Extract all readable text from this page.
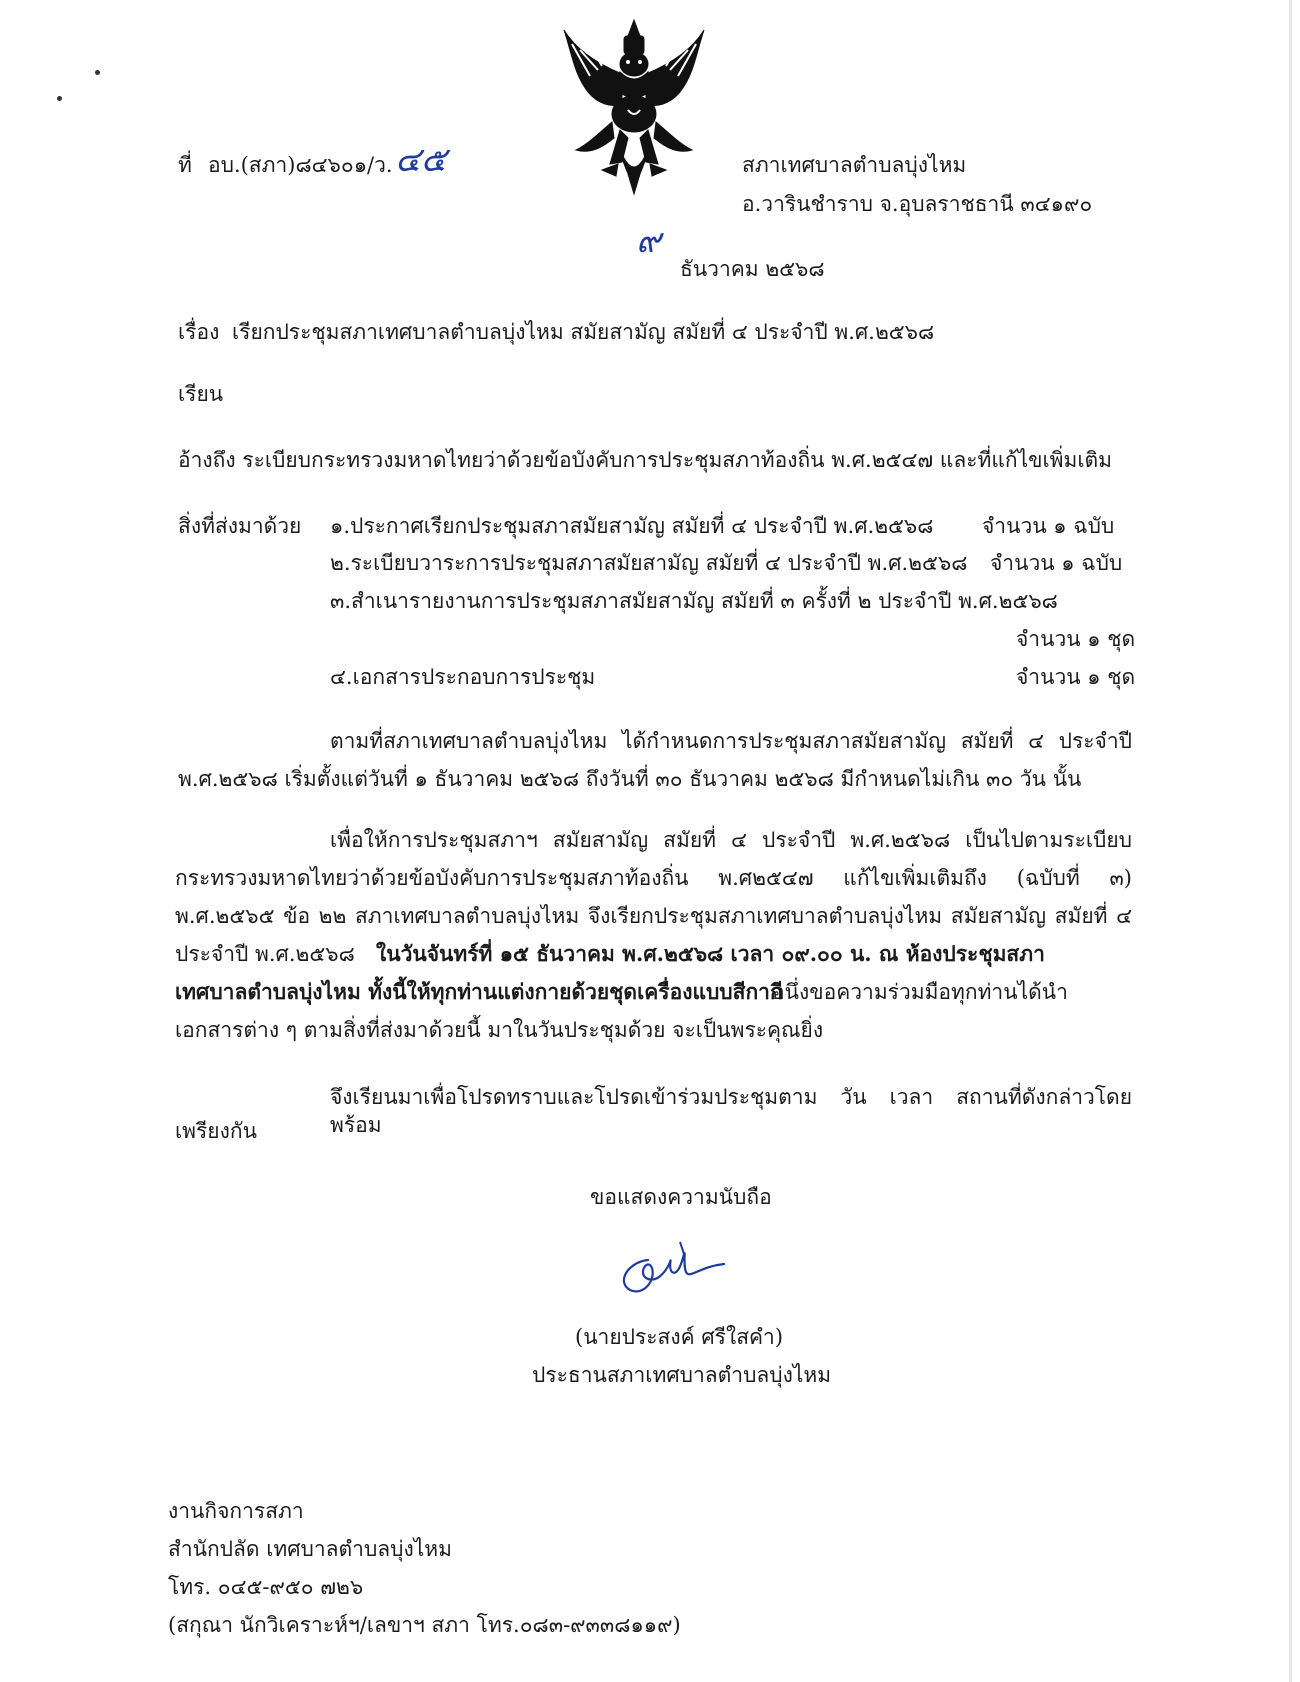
ที่ อบ.(สภา)๘๔๖๐๑/ว. ๔๕	สภาเทศบาลตำบลบุ่งไหม
อ.วารินชำราบ จ.อุบลราชธานี ๓๔๑๙๐
๙
ธันวาคม ๒๕๖๘
เรื่อง เรียกประชุมสภาเทศบาลตำบลบุ่งไหม สมัยสามัญ สมัยที่ ๔ ประจำปี พ.ศ.๒๕๖๘
เรียน
อ้างถึง ระเบียบกระทรวงมหาดไทยว่าด้วยข้อบังคับการประชุมสภาท้องถิ่น พ.ศ.๒๕๔๗ และที่แก้ไขเพิ่มเติม
สิ่งที่ส่งมาด้วย ๑.ประกาศเรียกประชุมสภาสมัยสามัญ สมัยที่ ๔ ประจำปี พ.ศ.๒๕๖๘ จำนวน ๑ ฉบับ
๒.ระเบียบวาระการประชุมสภาสมัยสามัญ สมัยที่ ๔ ประจำปี พ.ศ.๒๕๖๘ จำนวน ๑ ฉบับ
๓.สำเนารายงานการประชุมสภาสมัยสามัญ สมัยที่ ๓ ครั้งที่ ๒ ประจำปี พ.ศ.๒๕๖๘
จำนวน ๑ ชุด
๔.เอกสารประกอบการประชุม	จำนวน ๑ ชุด
ตามที่สภาเทศบาลตำบลบุ่งไหม ได้กำหนดการประชุมสภาสมัยสามัญ สมัยที่ ๔ ประจำปี
พ.ศ.๒๕๖๘ เริ่มตั้งแต่วันที่ ๑ ธันวาคม ๒๕๖๘ ถึงวันที่ ๓๐ ธันวาคม ๒๕๖๘ มีกำหนดไม่เกิน ๓๐ วัน นั้น
เพื่อให้การประชุมสภาฯ สมัยสามัญ สมัยที่ ๔ ประจำปี พ.ศ.๒๕๖๘ เป็นไปตามระเบียบ
กระทรวงมหาดไทยว่าด้วยข้อบังคับการประชุมสภาท้องถิ่น พ.ศ๒๕๔๗ แก้ไขเพิ่มเติมถึง (ฉบับที่ ๓)
พ.ศ.๒๕๖๕ ข้อ ๒๒ สภาเทศบาลตำบลบุ่งไหม จึงเรียกประชุมสภาเทศบาลตำบลบุ่งไหม สมัยสามัญ สมัยที่ ๔
ประจำปี พ.ศ.๒๕๖๘ ในวันจันทร์ที่ ๑๕ ธันวาคม พ.ศ.๒๕๖๘ เวลา ๐๙.๐๐ น. ณ ห้องประชุมสภา
เทศบาลตำบลบุ่งไหม ทั้งนี้ให้ทุกท่านแต่งกายด้วยชุดเครื่องแบบสีกากี
อนึ่งขอความร่วมมือทุกท่านได้นำ
เอกสารต่าง ๆ ตามสิ่งที่ส่งมาด้วยนี้ มาในวันประชุมด้วย จะเป็นพระคุณยิ่ง
จึงเรียนมาเพื่อโปรดทราบและโปรดเข้าร่วมประชุมตาม วัน เวลา สถานที่ดังกล่าวโดยพร้อม
เพรียงกัน
ขอแสดงความนับถือ
(นายประสงค์ ศรีใสคำ)
ประธานสภาเทศบาลตำบลบุ่งไหม
งานกิจการสภา
สำนักปลัด เทศบาลตำบลบุ่งไหม
โทร. ๐๔๕-๙๕๐ ๗๒๖
(สกุณา นักวิเคราะห์ฯ/เลขาฯ สภา โทร.๐๘๓-๙๓๓๘๑๑๙)
